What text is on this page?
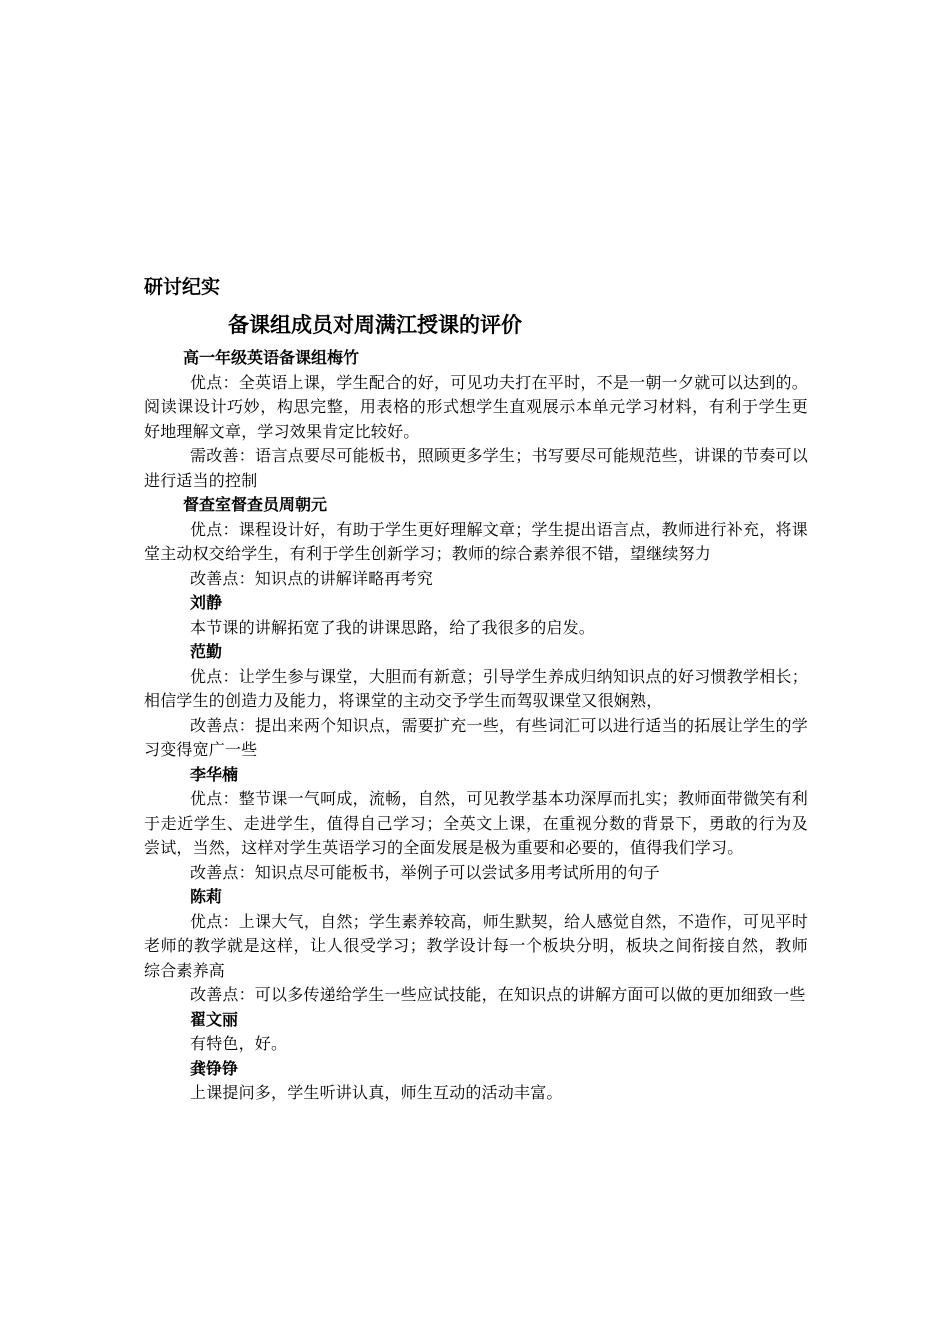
研讨纪实

备课组成员对周满江授课的评价

高一年级英语备课组梅竹

优点：全英语上课，学生配合的好，可见功夫打在平时，不是一朝一夕就可以达到的。阅读课设计巧妙，构思完整，用表格的形式想学生直观展示本单元学习材料，有利于学生更好地理解文章，学习效果肯定比较好。

需改善：语言点要尽可能板书，照顾更多学生；书写要尽可能规范些，讲课的节奏可以进行适当的控制

督查室督查员周朝元

优点：课程设计好，有助于学生更好理解文章；学生提出语言点，教师进行补充，将课堂主动权交给学生，有利于学生创新学习；教师的综合素养很不错，望继续努力

改善点：知识点的讲解详略再考究

刘静

本节课的讲解拓宽了我的讲课思路，给了我很多的启发。

范勤

优点：让学生参与课堂，大胆而有新意；引导学生养成归纳知识点的好习惯教学相长；相信学生的创造力及能力，将课堂的主动交予学生而驾驭课堂又很娴熟，

改善点：提出来两个知识点，需要扩充一些，有些词汇可以进行适当的拓展让学生的学习变得宽广一些

李华楠

优点：整节课一气呵成，流畅，自然，可见教学基本功深厚而扎实；教师面带微笑有利于走近学生、走进学生，值得自己学习；全英文上课，在重视分数的背景下，勇敢的行为及尝试，当然，这样对学生英语学习的全面发展是极为重要和必要的，值得我们学习。

改善点：知识点尽可能板书，举例子可以尝试多用考试所用的句子

陈莉

优点：上课大气，自然；学生素养较高，师生默契，给人感觉自然，不造作，可见平时老师的教学就是这样，让人很受学习；教学设计每一个板块分明，板块之间衔接自然，教师综合素养高

改善点：可以多传递给学生一些应试技能，在知识点的讲解方面可以做的更加细致一些

翟文丽

有特色，好。

龚铮铮

上课提问多，学生听讲认真，师生互动的活动丰富。
